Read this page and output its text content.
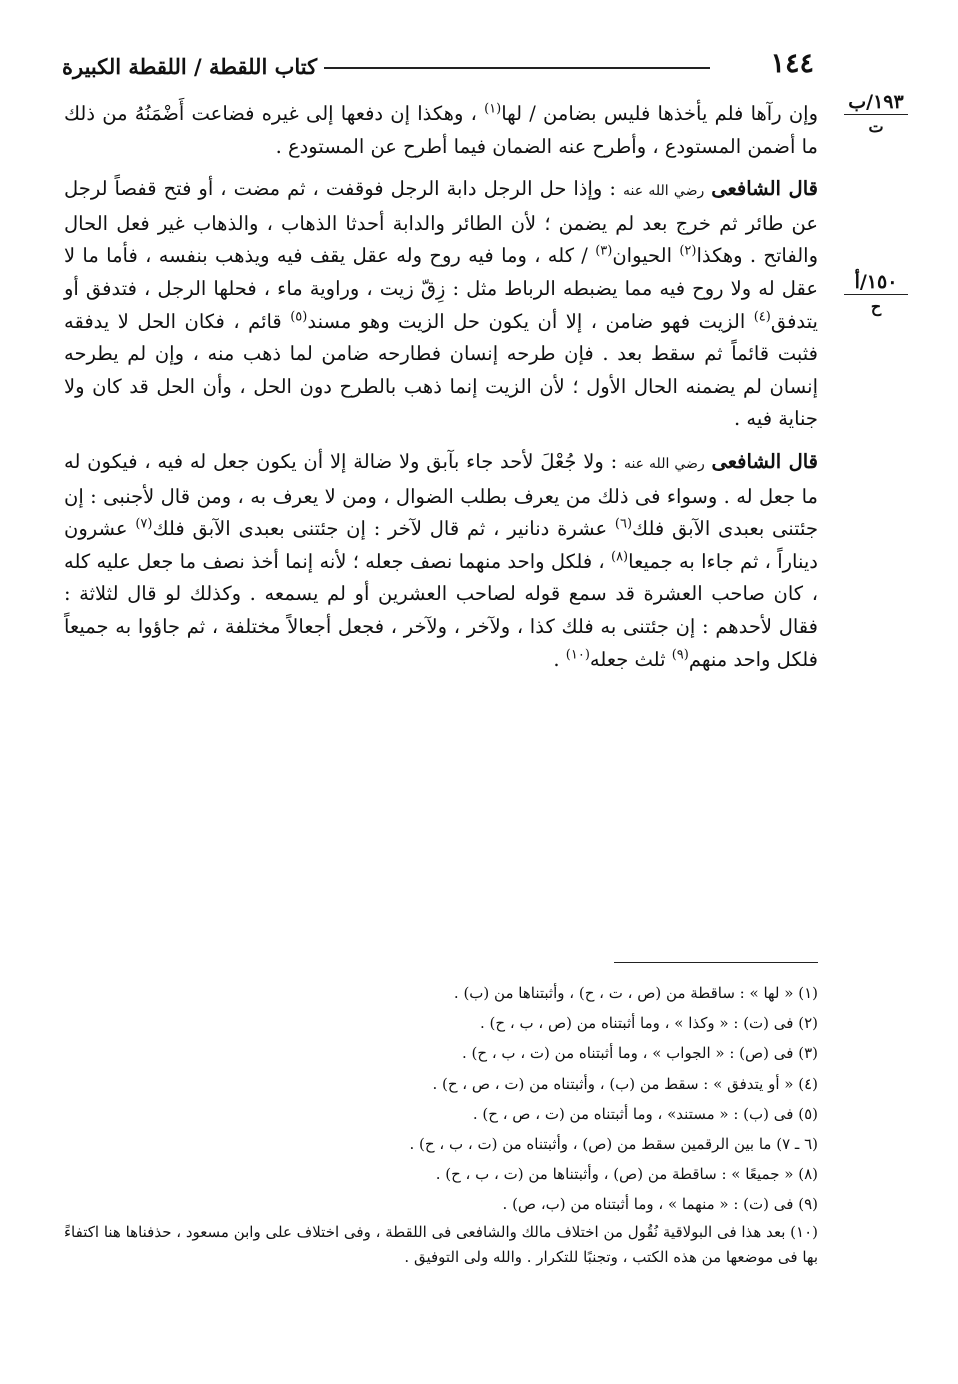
كتاب اللقطة / اللقطة الكبيرة	١٤٤
١٩٣/ب
ت
١٥٠/أ
ح

وإن رآها فلم يأخذها فليس بضامن / لها$^{(١)}$ ، وهكذا إن دفعها إلى غيره فضاعت أَضْمَنُهُ من ذلك ما أضمن المستودع ، وأطرح عنه الضمان فيما أطرح عن المستودع .

قال الشافعى رضي الله عنه : وإذا حل الرجل دابة الرجل فوقفت ، ثم مضت ، أو فتح قفصاً لرجل عن طائر ثم خرج بعد لم يضمن ؛ لأن الطائر والدابة أحدثا الذهاب ، والذهاب غير فعل الحال والفاتح . وهكذا$^{(٢)}$ الحيوان$^{(٣)}$ / كله ، وما فيه روح وله عقل يقف فيه ويذهب بنفسه ، فأما ما لا عقل له ولا روح فيه مما يضبطه الرباط مثل : زِقّ زيت ، وراوية ماء ، فحلها الرجل ، فتدفق أو يتدفق$^{(٤)}$ الزيت فهو ضامن ، إلا أن يكون حل الزيت وهو مسند$^{(٥)}$ قائم ، فكان الحل لا يدفقه فثبت قائماً ثم سقط بعد . فإن طرحه إنسان فطارحه ضامن لما ذهب منه ، وإن لم يطرحه إنسان لم يضمنه الحال الأول ؛ لأن الزيت إنما ذهب بالطرح دون الحل ، وأن الحل قد كان ولا جناية فيه .

قال الشافعى رضي الله عنه : ولا جُعْلَ لأحد جاء بآبق ولا ضالة إلا أن يكون جعل له فيه ، فيكون له ما جعل له . وسواء فى ذلك من يعرف بطلب الضوال ، ومن لا يعرف به ، ومن قال لأجنبى : إن جئتنى بعبدى الآبق فلك$^{(٦)}$ عشرة دنانير ، ثم قال لآخر : إن جئتنى بعبدى الآبق فلك$^{(٧)}$ عشرون ديناراً ، ثم جاءا به جميعا$^{(٨)}$ ، فلكل واحد منهما نصف جعله ؛ لأنه إنما أخذ نصف ما جعل عليه كله ، كان صاحب العشرة قد سمع قوله لصاحب العشرين أو لم يسمعه . وكذلك لو قال لثلاثة : فقال لأحدهم : إن جئتنى به فلك كذا ، ولآخر ، ولآخر ، فجعل أجعالاً مختلفة ، ثم جاؤوا به جميعاً فلكل واحد منهم$^{(٩)}$ ثلث جعله$^{(١٠)}$ .

(١) « لها » : ساقطة من (ص ، ت ، ح) ، وأثبتناها من (ب) .

(٢) فى (ت) : « وكذا » ، وما أثبتناه من (ص ، ب ، ح) .

(٣) فى (ص) : « الجواب » ، وما أثبتناه من (ت ، ب ، ح) .

(٤) « أو يتدفق » : سقط من (ب) ، وأثبتناه من (ت ، ص ، ح) .

(٥) فى (ب) : « مستند» ، وما أثبتناه من (ت ، ص ، ح) .

(٦ ـ ٧) ما بين الرقمين سقط من (ص) ، وأثبتناه من (ت ، ب ، ح) .

(٨) « جميعًا » : ساقطة من (ص) ، وأثبتناها من (ت ، ب ، ح) .

(٩) فى (ت) : « منهما » ، وما أثبتناه من (ب، ص) .

(١٠) بعد هذا فى البولاقية نُقُول من اختلاف مالك والشافعى فى اللقطة ، وفى اختلاف على وابن مسعود ، حذفناها هنا اكتفاءً بها فى موضعها من هذه الكتب ، وتجنبًا للتكرار . والله ولى التوفيق .
